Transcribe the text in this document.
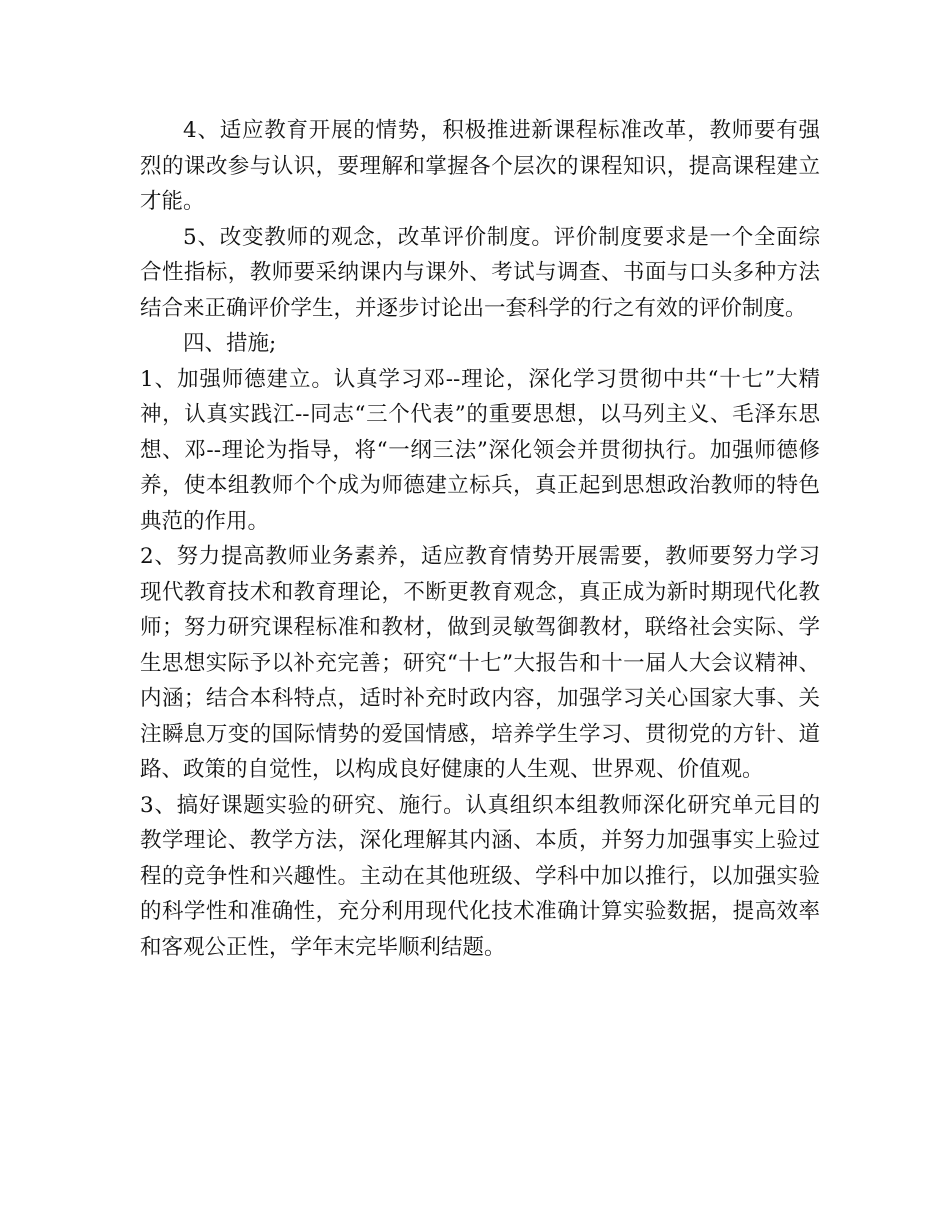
4、适应教育开展的情势，积极推进新课程标准改革，教师要有强烈的课改参与认识，要理解和掌握各个层次的课程知识，提高课程建立才能。

5、改变教师的观念，改革评价制度。评价制度要求是一个全面综合性指标，教师要采纳课内与课外、考试与调查、书面与口头多种方法结合来正确评价学生，并逐步讨论出一套科学的行之有效的评价制度。

四、措施;

1、加强师德建立。认真学习邓--理论，深化学习贯彻中共“十七”大精神，认真实践江--同志“三个代表”的重要思想，以马列主义、毛泽东思想、邓--理论为指导，将“一纲三法”深化领会并贯彻执行。加强师德修养，使本组教师个个成为师德建立标兵，真正起到思想政治教师的特色典范的作用。

2、努力提高教师业务素养，适应教育情势开展需要，教师要努力学习现代教育技术和教育理论，不断更教育观念，真正成为新时期现代化教师；努力研究课程标准和教材，做到灵敏驾御教材，联络社会实际、学生思想实际予以补充完善；研究“十七”大报告和十一届人大会议精神、内涵；结合本科特点，适时补充时政内容，加强学习关心国家大事、关注瞬息万变的国际情势的爱国情感，培养学生学习、贯彻党的方针、道路、政策的自觉性，以构成良好健康的人生观、世界观、价值观。

3、搞好课题实验的研究、施行。认真组织本组教师深化研究单元目的教学理论、教学方法，深化理解其内涵、本质，并努力加强事实上验过程的竞争性和兴趣性。主动在其他班级、学科中加以推行，以加强实验的科学性和准确性，充分利用现代化技术准确计算实验数据，提高效率和客观公正性，学年末完毕顺利结题。
